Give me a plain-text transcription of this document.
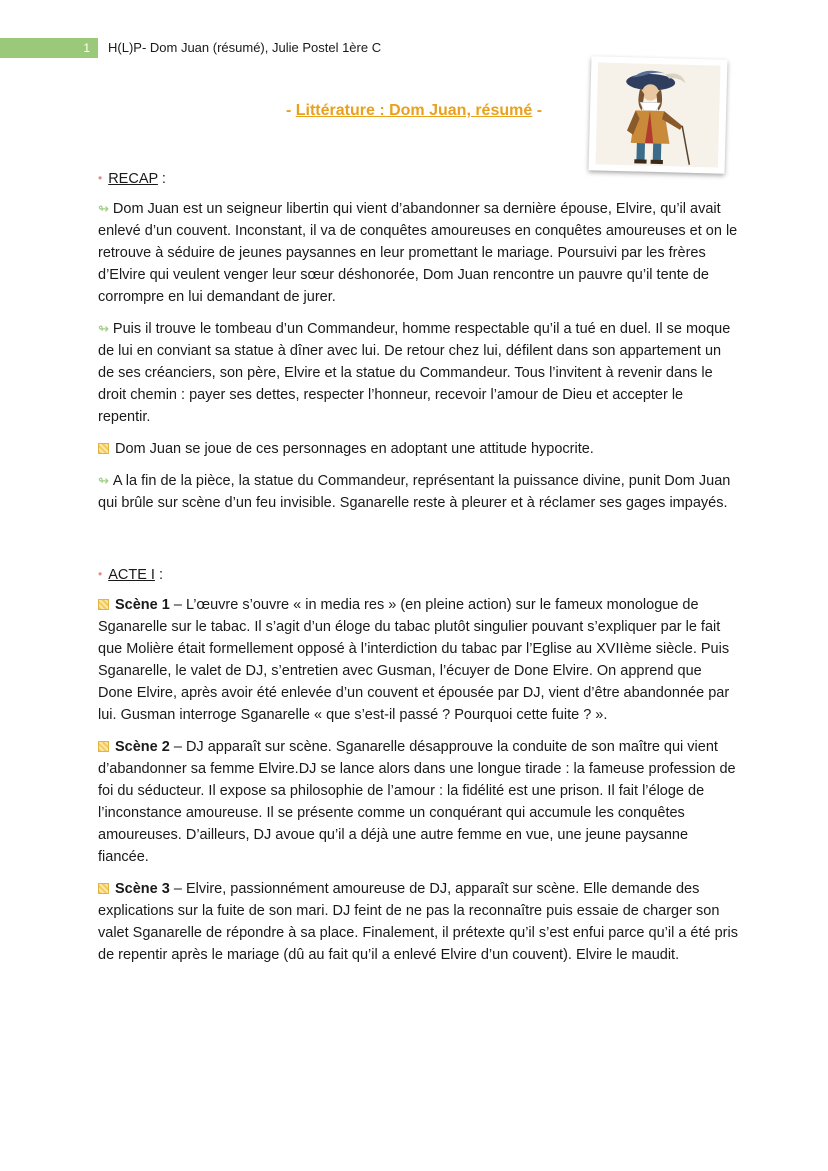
1 H(L)P- Dom Juan (résumé), Julie Postel 1ère C
- Littérature : Dom Juan, résumé -
• RECAP :

↬ Dom Juan est un seigneur libertin qui vient d’abandonner sa dernière épouse, Elvire, qu’il avait enlevé d’un couvent. Inconstant, il va de conquêtes amoureuses en conquêtes amoureuses et on le retrouve à séduire de jeunes paysannes en leur promettant le mariage. Poursuivi par les frères d’Elvire qui veulent venger leur sœur déshonorée, Dom Juan rencontre un pauvre qu’il tente de corrompre en lui demandant de jurer.

↬ Puis il trouve le tombeau d’un Commandeur, homme respectable qu’il a tué en duel. Il se moque de lui en conviant sa statue à dîner avec lui. De retour chez lui, défilent dans son appartement un de ses créanciers, son père, Elvire et la statue du Commandeur. Tous l’invitent à revenir dans le droit chemin : payer ses dettes, respecter l’honneur, recevoir l’amour de Dieu et accepter le repentir.

Dom Juan se joue de ces personnages en adoptant une attitude hypocrite.

↬ A la fin de la pièce, la statue du Commandeur, représentant la puissance divine, punit Dom Juan qui brûle sur scène d’un feu invisible. Sganarelle reste à pleurer et à réclamer ses gages impayés.

• ACTE I :

Scène 1 – L’œuvre s’ouvre « in media res » (en pleine action) sur le fameux monologue de Sganarelle sur le tabac. Il s’agit d’un éloge du tabac plutôt singulier pouvant s’expliquer par le fait que Molière était formellement opposé à l’interdiction du tabac par l’Eglise au XVIIème siècle. Puis Sganarelle, le valet de DJ, s’entretien avec Gusman, l’écuyer de Done Elvire. On apprend que Done Elvire, après avoir été enlevée d’un couvent et épousée par DJ, vient d’être abandonnée par lui. Gusman interroge Sganarelle « que s’est-il passé ? Pourquoi cette fuite ? ».

Scène 2 – DJ apparaît sur scène. Sganarelle désapprouve la conduite de son maître qui vient d’abandonner sa femme Elvire.DJ se lance alors dans une longue tirade : la fameuse profession de foi du séducteur. Il expose sa philosophie de l’amour : la fidélité est une prison. Il fait l’éloge de l’inconstance amoureuse. Il se présente comme un conquérant qui accumule les conquêtes amoureuses. D’ailleurs, DJ avoue qu’il a déjà une autre femme en vue, une jeune paysanne fiancée.

Scène 3 – Elvire, passionnément amoureuse de DJ, apparaît sur scène. Elle demande des explications sur la fuite de son mari. DJ feint de ne pas la reconnaître puis essaie de charger son valet Sganarelle de répondre à sa place. Finalement, il prétexte qu’il s’est enfui parce qu’il a été pris de repentir après le mariage (dû au fait qu’il a enlevé Elvire d’un couvent). Elvire le maudit.
